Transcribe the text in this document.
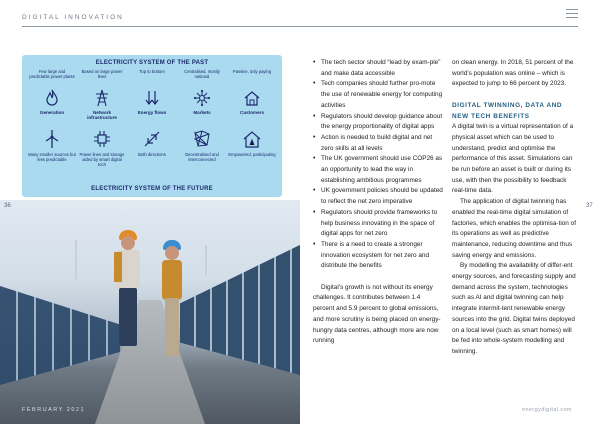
DIGITAL INNOVATION
36
FEBRUARY 2021
ELECTRICITY SYSTEM OF THE PAST
Few large and predictable power plants
Generation
Many smaller sources but less predictable
Based on large power lines
Network infrastructure
Power lines and storage aided by smart digital tech
Top to bottom
Energy flows
Both directions
Centralised, mostly national
Markets
Decentralised and interconnected
Passive, only paying
Customers
Empowered, participating
ELECTRICITY SYSTEM OF THE FUTURE
• The tech sector should “lead by exam-ple” and make data accessible
• Tech companies should further pro-mote the use of renewable energy for computing activities
• Regulators should develop guidance about the energy proportionality of digital apps
• Action is needed to build digital and net zero skills at all levels
• The UK government should use COP26 as an opportunity to lead the way in establishing ambitious programmes
• UK government policies should be updated to reflect the net zero imperative
• Regulators should provide frameworks to help business innovating in the space of digital apps for net zero
• There is a need to create a stronger innovation ecosystem for net zero and distribute the benefits

Digital’s growth is not without its energy challenges. It contributes between 1.4 percent and 5.9 percent to global emissions, and more scrutiny is being placed on energy-hungry data centres, although more are now running

on clean energy. In 2018, 51 percent of the world’s population was online – which is expected to jump to 66 percent by 2023.

DIGITAL TWINNING, DATA AND NEW TECH BENEFITS

A digital twin is a virtual representation of a physical asset which can be used to understand, predict and optimise the performance of this asset. Simulations can be run before an asset is built or during its use, with then the possibility to feedback real-time data.

The application of digital twinning has enabled the real-time digital simulation of factories, which enables the optimisa-tion of its operations as well as predictive maintenance, reducing downtime and thus saving energy and emissions.

By modelling the availability of differ-ent energy sources, and forecasting supply and demand across the system, technologies such as AI and digital twinning can help integrate intermit-tent renewable energy sources into the grid. Digital twins deployed on a local level (such as smart homes) will be fed into whole-system modelling and twinning.

37
energydigital.com
